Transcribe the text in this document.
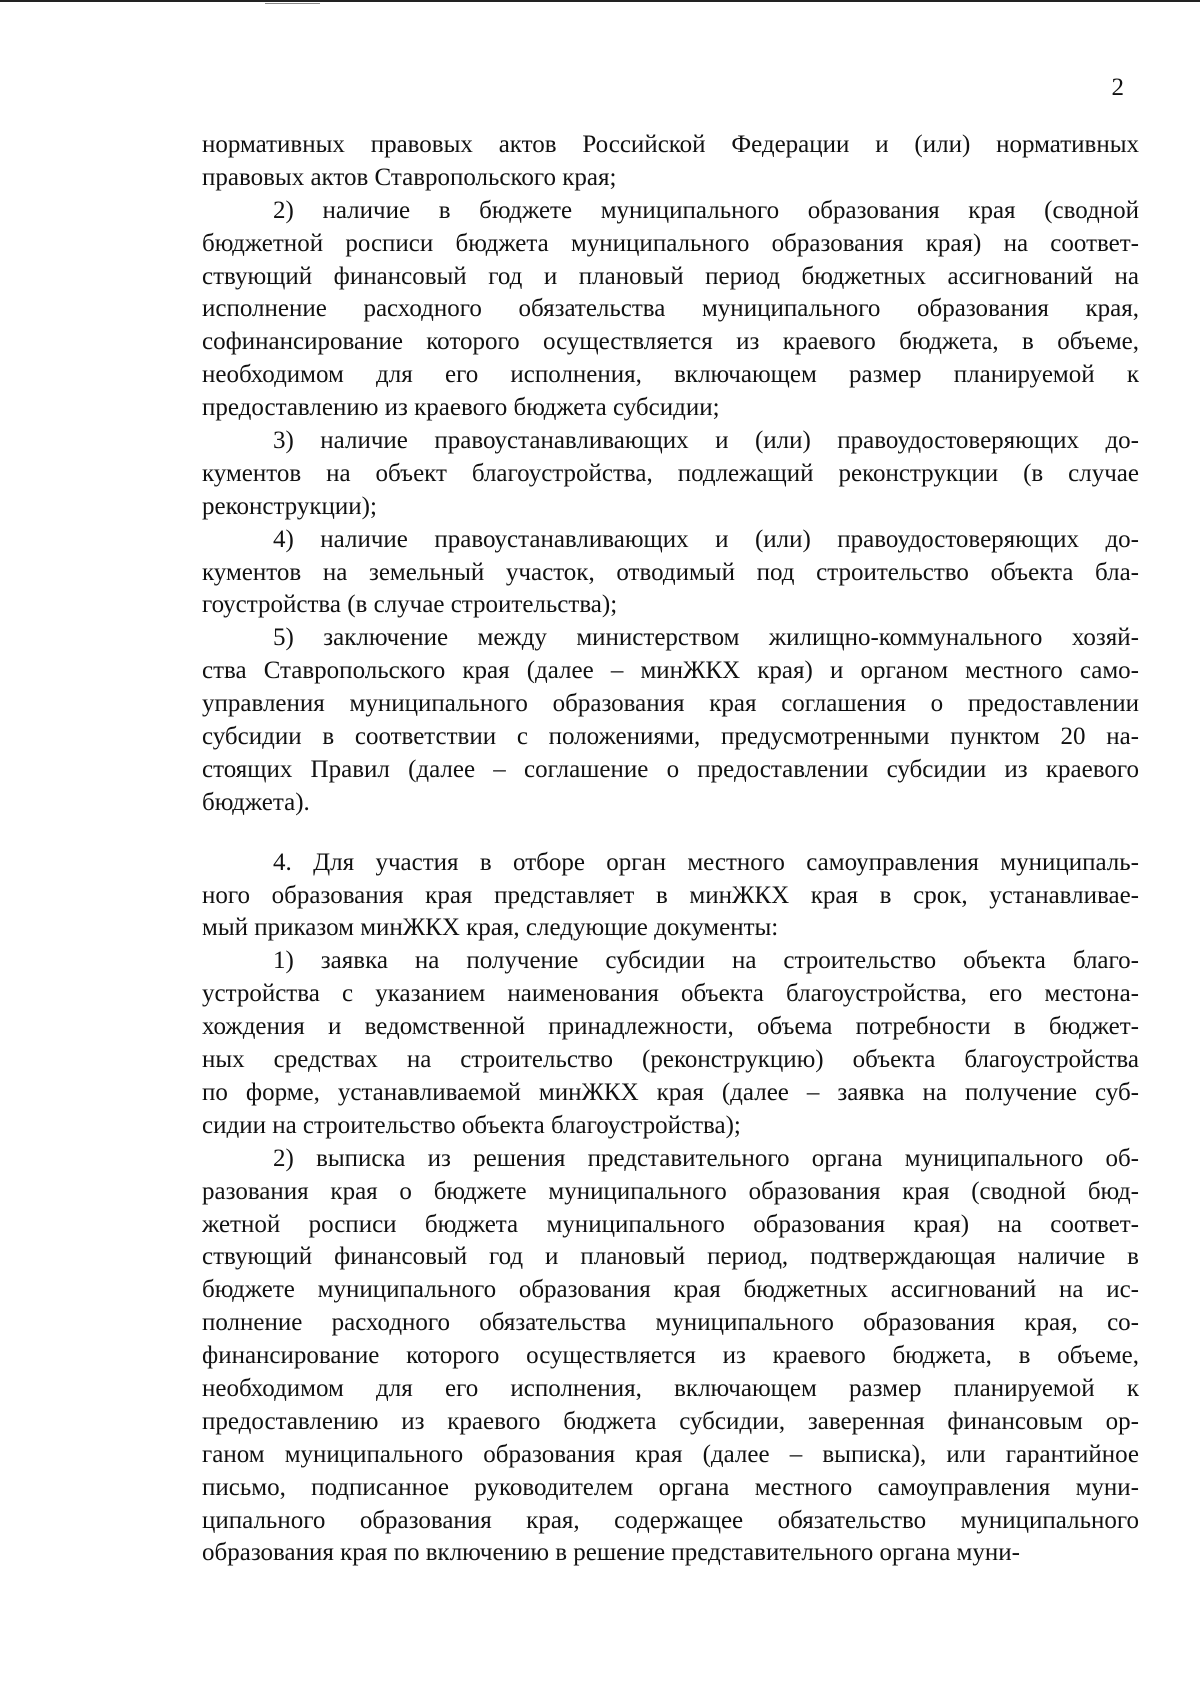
2
нормативных правовых актов Российской Федерации и (или) нормативных
правовых актов Ставропольского края;
2) наличие в бюджете муниципального образования края (сводной
бюджетной росписи бюджета муниципального образования края) на соответ-
ствующий финансовый год и плановый период бюджетных ассигнований на
исполнение расходного обязательства муниципального образования края,
софинансирование которого осуществляется из краевого бюджета, в объеме,
необходимом для его исполнения, включающем размер планируемой к
предоставлению из краевого бюджета субсидии;
3) наличие правоустанавливающих и (или) правоудостоверяющих до-
кументов на объект благоустройства, подлежащий реконструкции (в случае
реконструкции);
4) наличие правоустанавливающих и (или) правоудостоверяющих до-
кументов на земельный участок, отводимый под строительство объекта бла-
гоустройства (в случае строительства);
5) заключение между министерством жилищно-коммунального хозяй-
ства Ставропольского края (далее – минЖКХ края) и органом местного само-
управления муниципального образования края соглашения о предоставлении
субсидии в соответствии с положениями, предусмотренными пунктом 20 на-
стоящих Правил (далее – соглашение о предоставлении субсидии из краевого
бюджета).
4. Для участия в отборе орган местного самоуправления муниципаль-
ного образования края представляет в минЖКХ края в срок, устанавливае-
мый приказом минЖКХ края, следующие документы:
1) заявка на получение субсидии на строительство объекта благо-
устройства с указанием наименования объекта благоустройства, его местона-
хождения и ведомственной принадлежности, объема потребности в бюджет-
ных средствах на строительство (реконструкцию) объекта благоустройства
по форме, устанавливаемой минЖКХ края (далее – заявка на получение суб-
сидии на строительство объекта благоустройства);
2) выписка из решения представительного органа муниципального об-
разования края о бюджете муниципального образования края (сводной бюд-
жетной росписи бюджета муниципального образования края) на соответ-
ствующий финансовый год и плановый период, подтверждающая наличие в
бюджете муниципального образования края бюджетных ассигнований на ис-
полнение расходного обязательства муниципального образования края, со-
финансирование которого осуществляется из краевого бюджета, в объеме,
необходимом для его исполнения, включающем размер планируемой к
предоставлению из краевого бюджета субсидии, заверенная финансовым ор-
ганом муниципального образования края (далее – выписка), или гарантийное
письмо, подписанное руководителем органа местного самоуправления муни-
ципального образования края, содержащее обязательство муниципального
образования края по включению в решение представительного органа муни-
